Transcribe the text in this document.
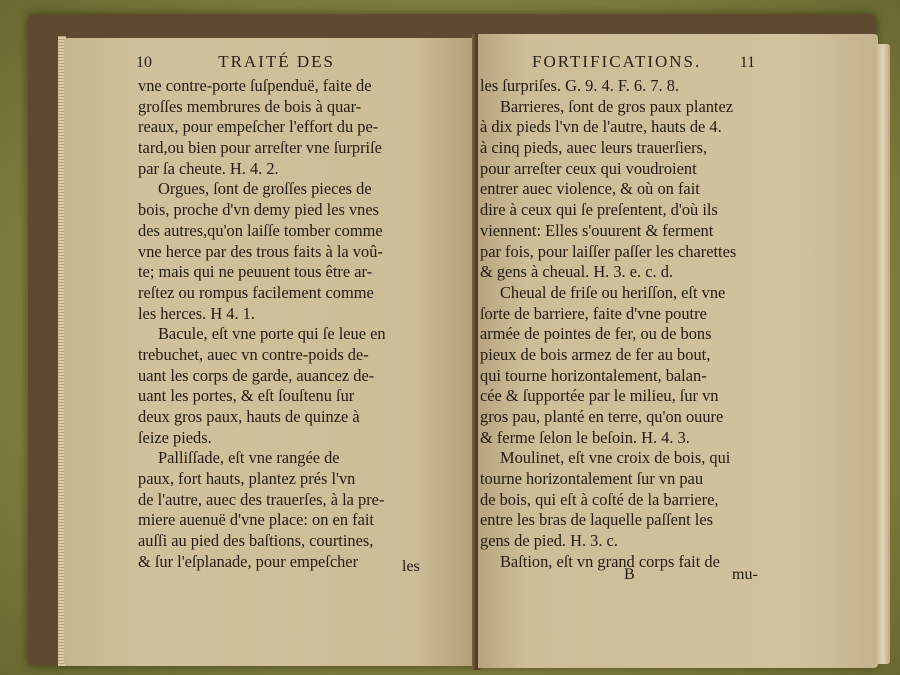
10	TRAITÉ DES	FORTIFICATIONS. 11
vne contre-porte ſuſpenduë, faite de
groſſes membrures de bois à quar-
reaux, pour empeſcher l'effort du pe-
tard,ou bien pour arreſter vne ſurpriſe
par ſa cheute. H. 4. 2.
Orgues, ſont de groſſes pieces de
bois, proche d'vn demy pied les vnes
des autres,qu'on laiſſe tomber comme
vne herce par des trous faits à la voû-
te; mais qui ne peuuent tous être ar-
reſtez ou rompus facilement comme
les herces. H 4. 1.
Bacule, eſt vne porte qui ſe leue en
trebuchet, auec vn contre-poids de-
uant les corps de garde, auancez de-
uant les portes, & eſt ſouſtenu ſur
deux gros paux, hauts de quinze à
ſeize pieds.
Palliſſade, eſt vne rangée de
paux, fort hauts, plantez prés l'vn
de l'autre, auec des trauerſes, à la pre-
miere auenuë d'vne place: on en fait
auſſi au pied des baſtions, courtines,
& ſur l'eſplanade, pour empeſcher	les
les ſurpriſes. G. 9. 4. F. 6. 7. 8.
Barrieres, ſont de gros paux plantez
à dix pieds l'vn de l'autre, hauts de 4.
à cinq pieds, auec leurs trauerſiers,
pour arreſter ceux qui voudroient
entrer auec violence, & où on fait
dire à ceux qui ſe preſentent, d'où ils
viennent: Elles s'ouurent & ferment
par fois, pour laiſſer paſſer les charettes
& gens à cheual. H. 3. e. c. d.
Cheual de friſe ou heriſſon, eſt vne
ſorte de barriere, faite d'vne poutre
armée de pointes de fer, ou de bons
pieux de bois armez de fer au bout,
qui tourne horizontalement, balan-
cée & ſupportée par le milieu, ſur vn
gros pau, planté en terre, qu'on ouure
& ferme ſelon le beſoin. H. 4. 3.
Moulinet, eſt vne croix de bois, qui
tourne horizontalement ſur vn pau
de bois, qui eſt à coſté de la barriere,
entre les bras de laquelle paſſent les
gens de pied. H. 3. c.
Baſtion, eſt vn grand corps fait de
B	mu-
